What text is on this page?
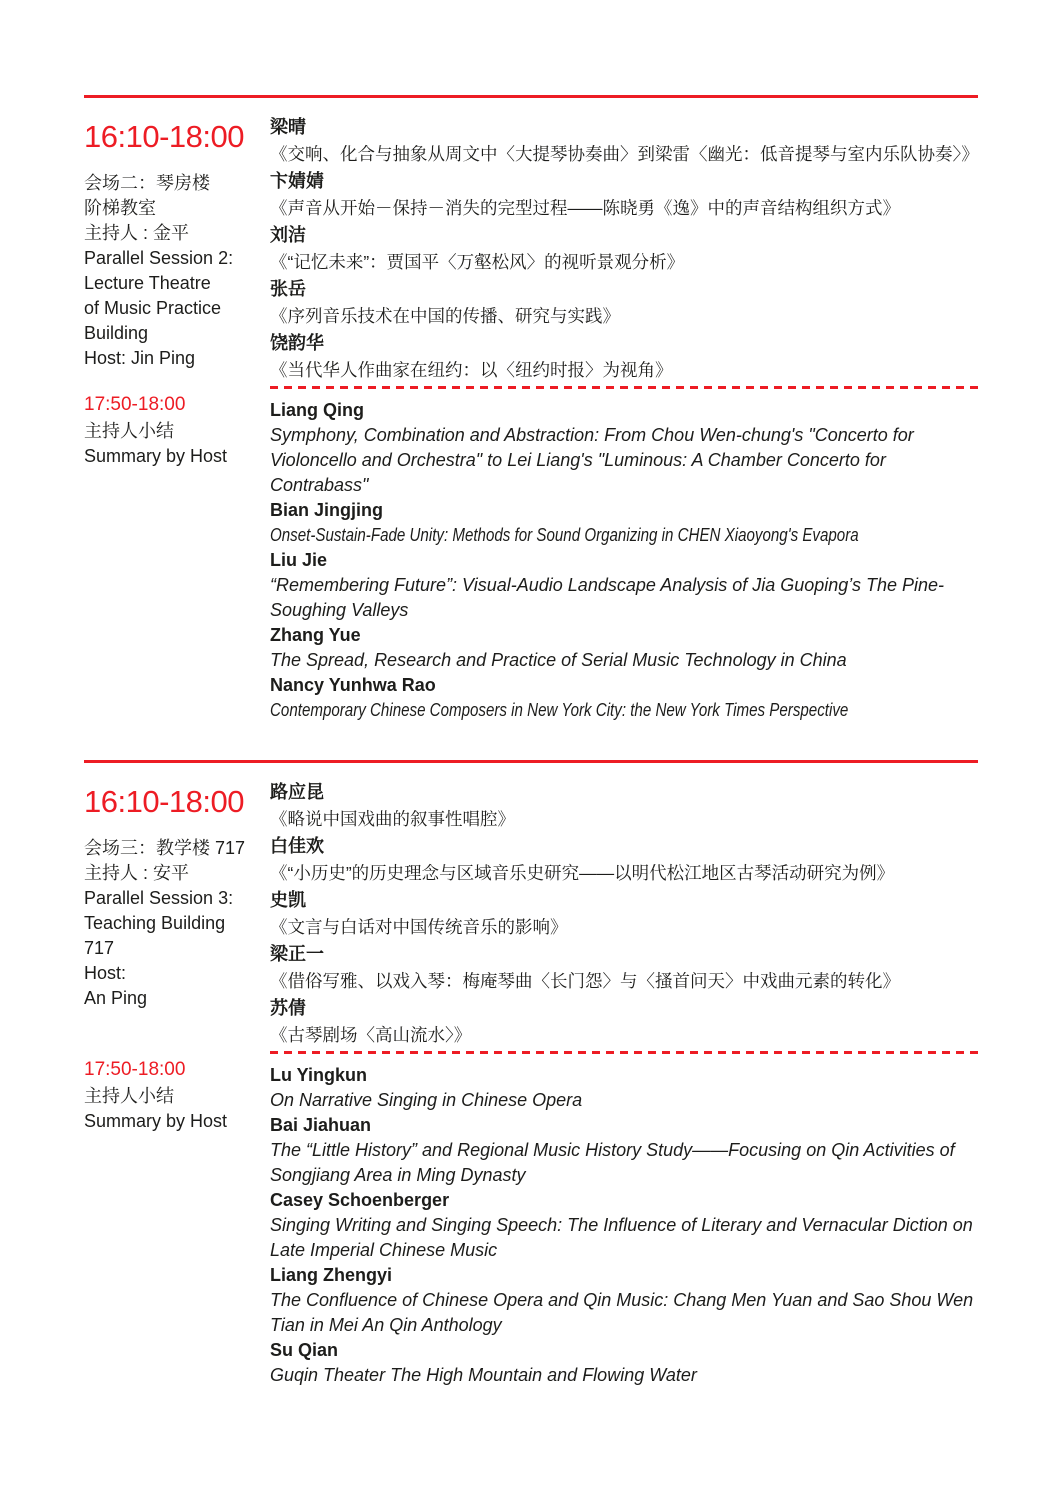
16:10-18:00
会场二：琴房楼
阶梯教室
主持人 : 金平
Parallel Session 2:
Lecture Theatre
of Music Practice
Building
Host: Jin Ping
梁晴
《交响、化合与抽象从周文中〈大提琴协奏曲〉到梁雷〈幽光：低音提琴与室内乐队协奏〉》
卞婧婧
《声音从开始－保持－消失的完型过程——陈晓勇《逸》中的声音结构组织方式》
刘洁
《“记忆未来”：贾国平〈万壑松风〉的视听景观分析》
张岳
《序列音乐技术在中国的传播、研究与实践》
饶韵华
《当代华人作曲家在纽约：以〈纽约时报〉为视角》
17:50-18:00
主持人小结
Summary by Host
Liang Qing
Symphony, Combination and Abstraction: From Chou Wen-chung's "Concerto for Violoncello and Orchestra" to Lei Liang's "Luminous: A Chamber Concerto for Contrabass"
Bian Jingjing
Onset-Sustain-Fade Unity: Methods for Sound Organizing in CHEN Xiaoyong's Evapora
Liu Jie
“Remembering Future”: Visual-Audio Landscape Analysis of Jia Guoping’s The Pine-Soughing Valleys
Zhang Yue
The Spread, Research and Practice of Serial Music Technology in China
Nancy Yunhwa Rao
Contemporary Chinese Composers in New York City: the New York Times Perspective
16:10-18:00
会场三：教学楼 717
主持人 : 安平
Parallel Session 3:
Teaching Building
717
Host:
An Ping
路应昆
《略说中国戏曲的叙事性唱腔》
白佳欢
《“小历史”的历史理念与区域音乐史研究——以明代松江地区古琴活动研究为例》
史凯
《文言与白话对中国传统音乐的影响》
梁正一
《借俗写雅、以戏入琴：梅庵琴曲〈长门怨〉与〈搔首问天〉中戏曲元素的转化》
苏倩
《古琴剧场〈高山流水〉》
17:50-18:00
主持人小结
Summary by Host
Lu Yingkun
On Narrative Singing in Chinese Opera
Bai Jiahuan
The “Little History” and Regional Music History Study——Focusing on Qin Activities of Songjiang Area in Ming Dynasty
Casey Schoenberger
Singing Writing and Singing Speech: The Influence of Literary and Vernacular Diction on Late Imperial Chinese Music
Liang Zhengyi
The Confluence of Chinese Opera and Qin Music: Chang Men Yuan and Sao Shou Wen Tian in Mei An Qin Anthology
Su Qian
Guqin Theater The High Mountain and Flowing Water
